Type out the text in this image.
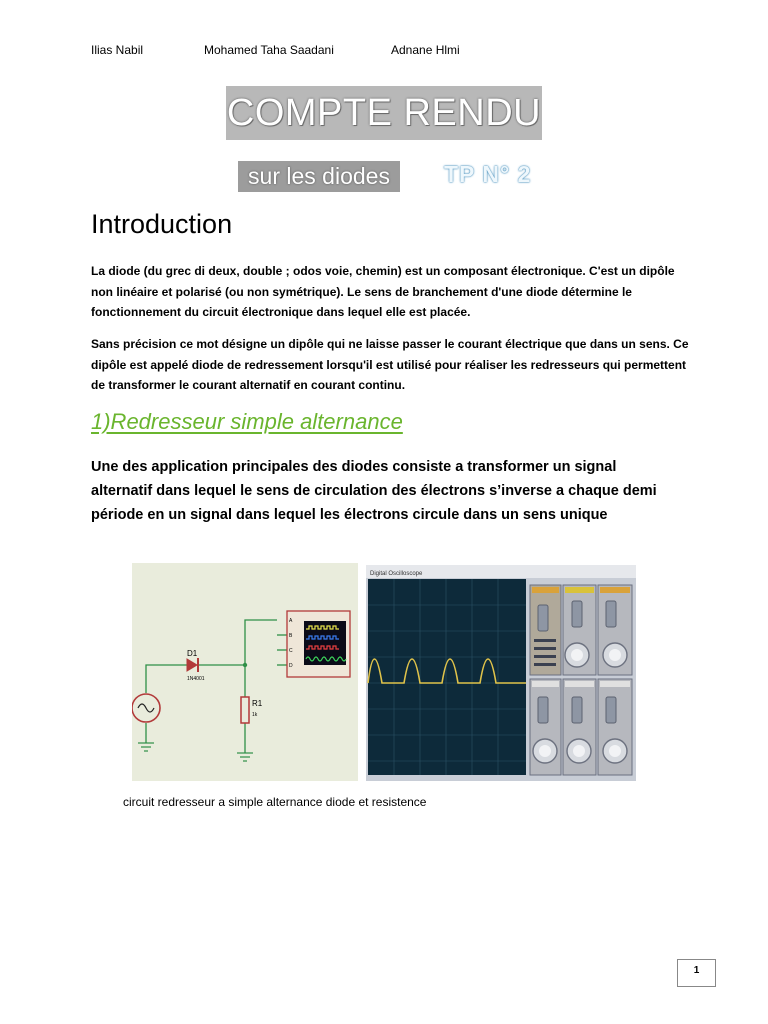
Ilias Nabil	Mohamed Taha Saadani	Adnane Hlmi
COMPTE RENDU
sur les diodes TP N° 2
Introduction
La diode (du grec di deux, double ; odos voie, chemin) est un composant électronique. C'est un dipôle non linéaire et polarisé (ou non symétrique). Le sens de branchement d'une diode détermine le fonctionnement du circuit électronique dans lequel elle est placée.
Sans précision ce mot désigne un dipôle qui ne laisse passer le courant électrique que dans un sens. Ce dipôle est appelé diode de redressement lorsqu'il est utilisé pour réaliser les redresseurs qui permettent de transformer le courant alternatif en courant continu.
1)Redresseur simple alternance
Une des application principales des diodes consiste a transformer un signal alternatif dans lequel le sens de circulation des électrons s’inverse a chaque demi période en un signal dans lequel les électrons circule dans un sens unique
D1
1N4001
R1
1k
A
B
C
D
Digital Oscilloscope
circuit redresseur a simple alternance diode et resistence
1
